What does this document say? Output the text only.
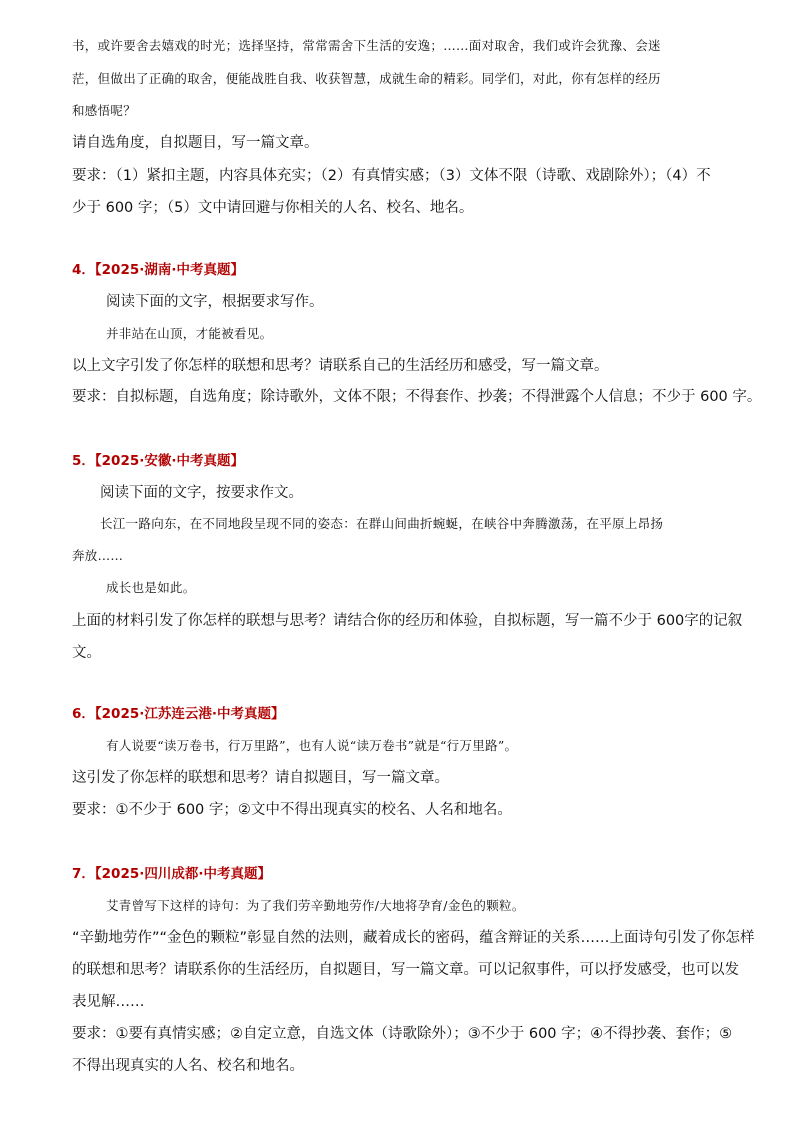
书，或许要舍去嬉戏的时光；选择坚持，常常需舍下生活的安逸；……面对取舍，我们或许会犹豫、会迷
茫，但做出了正确的取舍，便能战胜自我、收获智慧，成就生命的精彩。同学们，对此，你有怎样的经历
和感悟呢？
请自选角度，自拟题目，写一篇文章。
要求：（1）紧扣主题，内容具体充实；（2）有真情实感；（3）文体不限（诗歌、戏剧除外）；（4）不
少于 600 字；（5）文中请回避与你相关的人名、校名、地名。
4．【2025·湖南·中考真题】
阅读下面的文字，根据要求写作。
并非站在山顶，才能被看见。
以上文字引发了你怎样的联想和思考？请联系自己的生活经历和感受，写一篇文章。
要求：自拟标题，自选角度；除诗歌外，文体不限；不得套作、抄袭；不得泄露个人信息；不少于 600 字。
5．【2025·安徽·中考真题】
阅读下面的文字，按要求作文。
长江一路向东，在不同地段呈现不同的姿态：在群山间曲折蜿蜒，在峡谷中奔腾激荡，在平原上昂扬
奔放……
成长也是如此。
上面的材料引发了你怎样的联想与思考？请结合你的经历和体验，自拟标题，写一篇不少于 600字的记叙
文。
6．【2025·江苏连云港·中考真题】
有人说要“读万卷书，行万里路”，也有人说“读万卷书”就是“行万里路”。
这引发了你怎样的联想和思考？请自拟题目，写一篇文章。
要求：①不少于 600 字；②文中不得出现真实的校名、人名和地名。
7．【2025·四川成都·中考真题】
艾青曾写下这样的诗句：为了我们劳辛勤地劳作/大地将孕育/金色的颗粒。
“辛勤地劳作”“金色的颗粒”彰显自然的法则，藏着成长的密码，蕴含辩证的关系……上面诗句引发了你怎样
的联想和思考？请联系你的生活经历，自拟题目，写一篇文章。可以记叙事件，可以抒发感受，也可以发
表见解……
要求：①要有真情实感；②自定立意，自选文体（诗歌除外）；③不少于 600 字；④不得抄袭、套作；⑤
不得出现真实的人名、校名和地名。
